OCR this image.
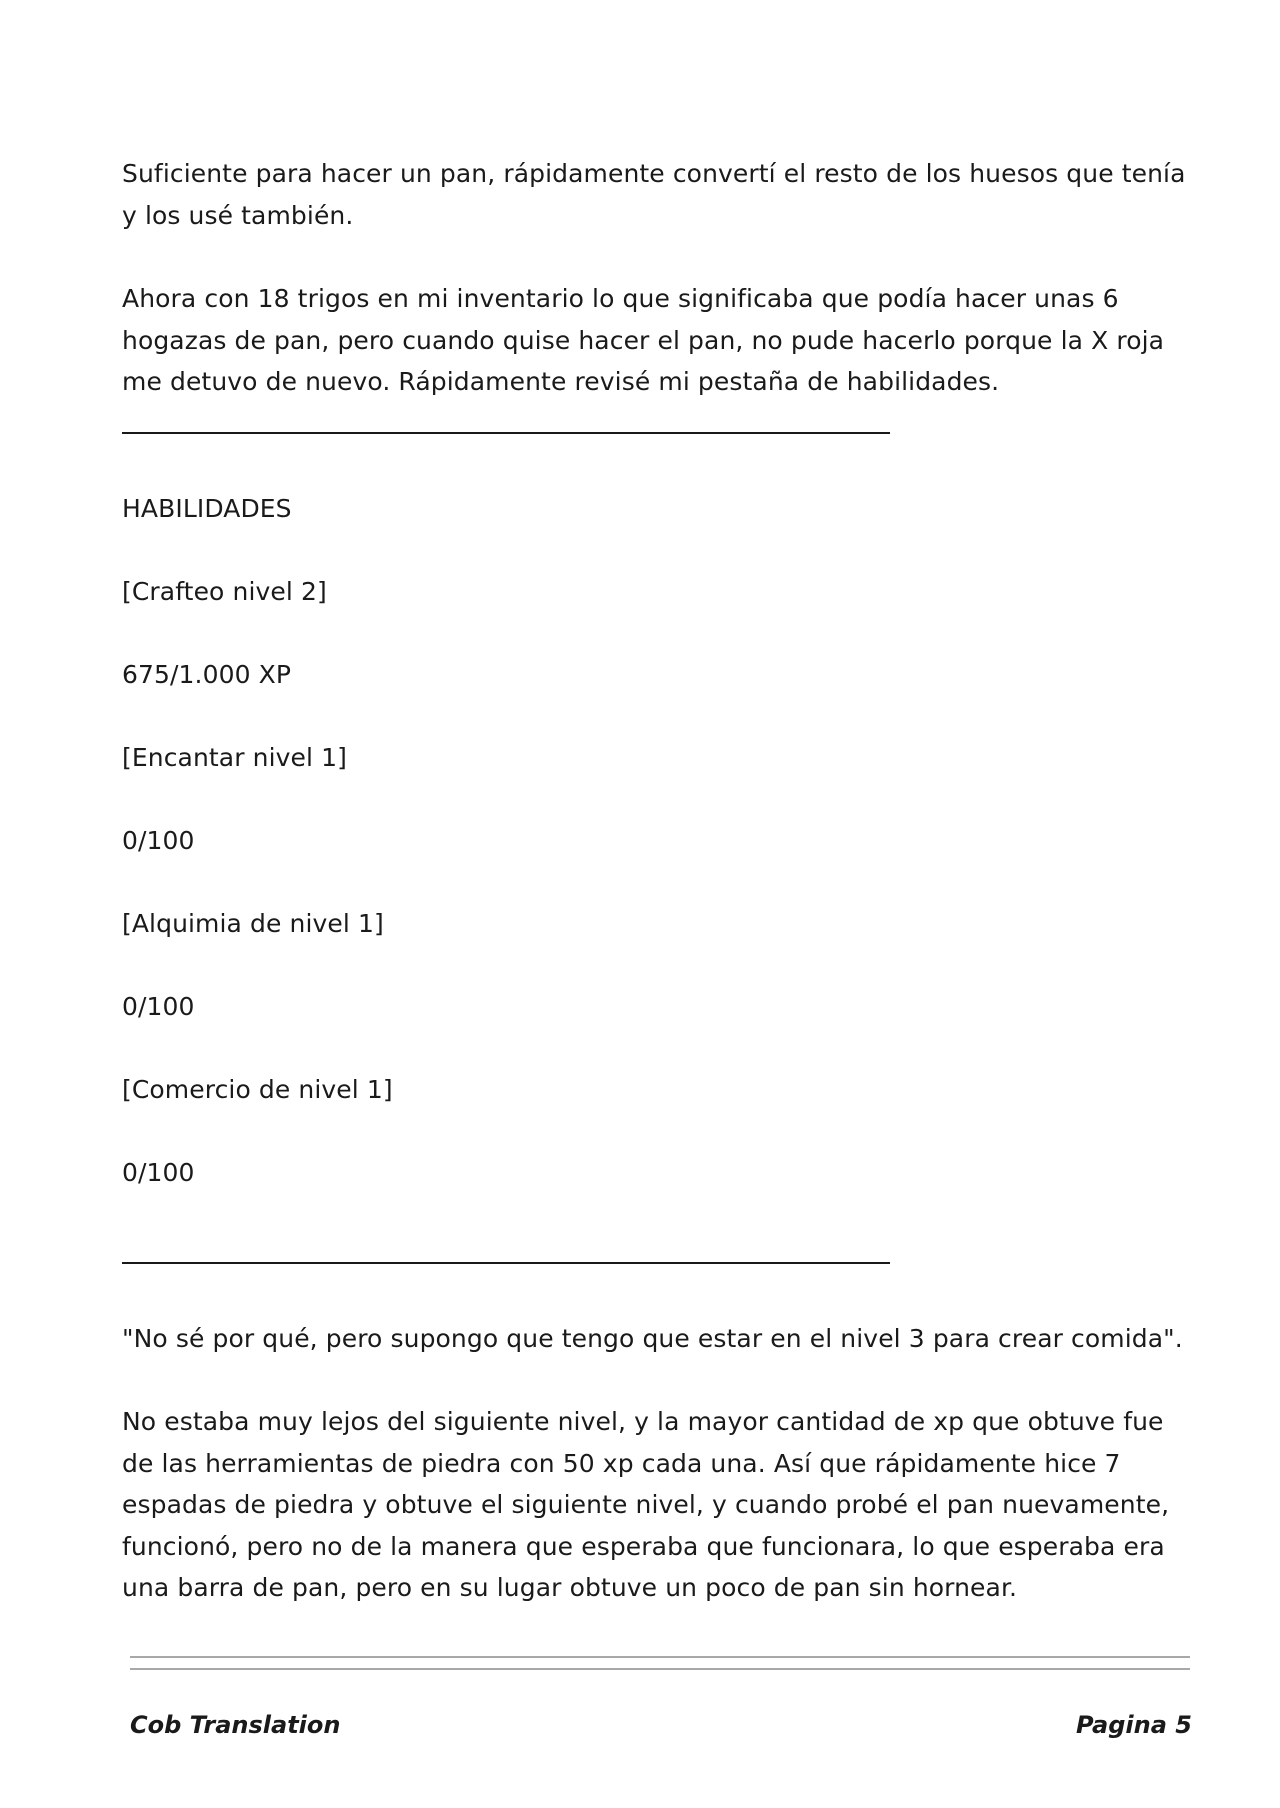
Suficiente para hacer un pan, rápidamente convertí el resto de los huesos que tenía y los usé también.

Ahora con 18 trigos en mi inventario lo que significaba que podía hacer unas 6 hogazas de pan, pero cuando quise hacer el pan, no pude hacerlo porque la X roja me detuvo de nuevo. Rápidamente revisé mi pestaña de habilidades.

HABILIDADES

[Crafteo nivel 2]

675/1.000 XP

[Encantar nivel 1]

0/100

[Alquimia de nivel 1]

0/100

[Comercio de nivel 1]

0/100

"No sé por qué, pero supongo que tengo que estar en el nivel 3 para crear comida".

No estaba muy lejos del siguiente nivel, y la mayor cantidad de xp que obtuve fue de las herramientas de piedra con 50 xp cada una. Así que rápidamente hice 7 espadas de piedra y obtuve el siguiente nivel, y cuando probé el pan nuevamente, funcionó, pero no de la manera que esperaba que funcionara, lo que esperaba era una barra de pan, pero en su lugar obtuve un poco de pan sin hornear.

Cob Translation	Pagina 5
